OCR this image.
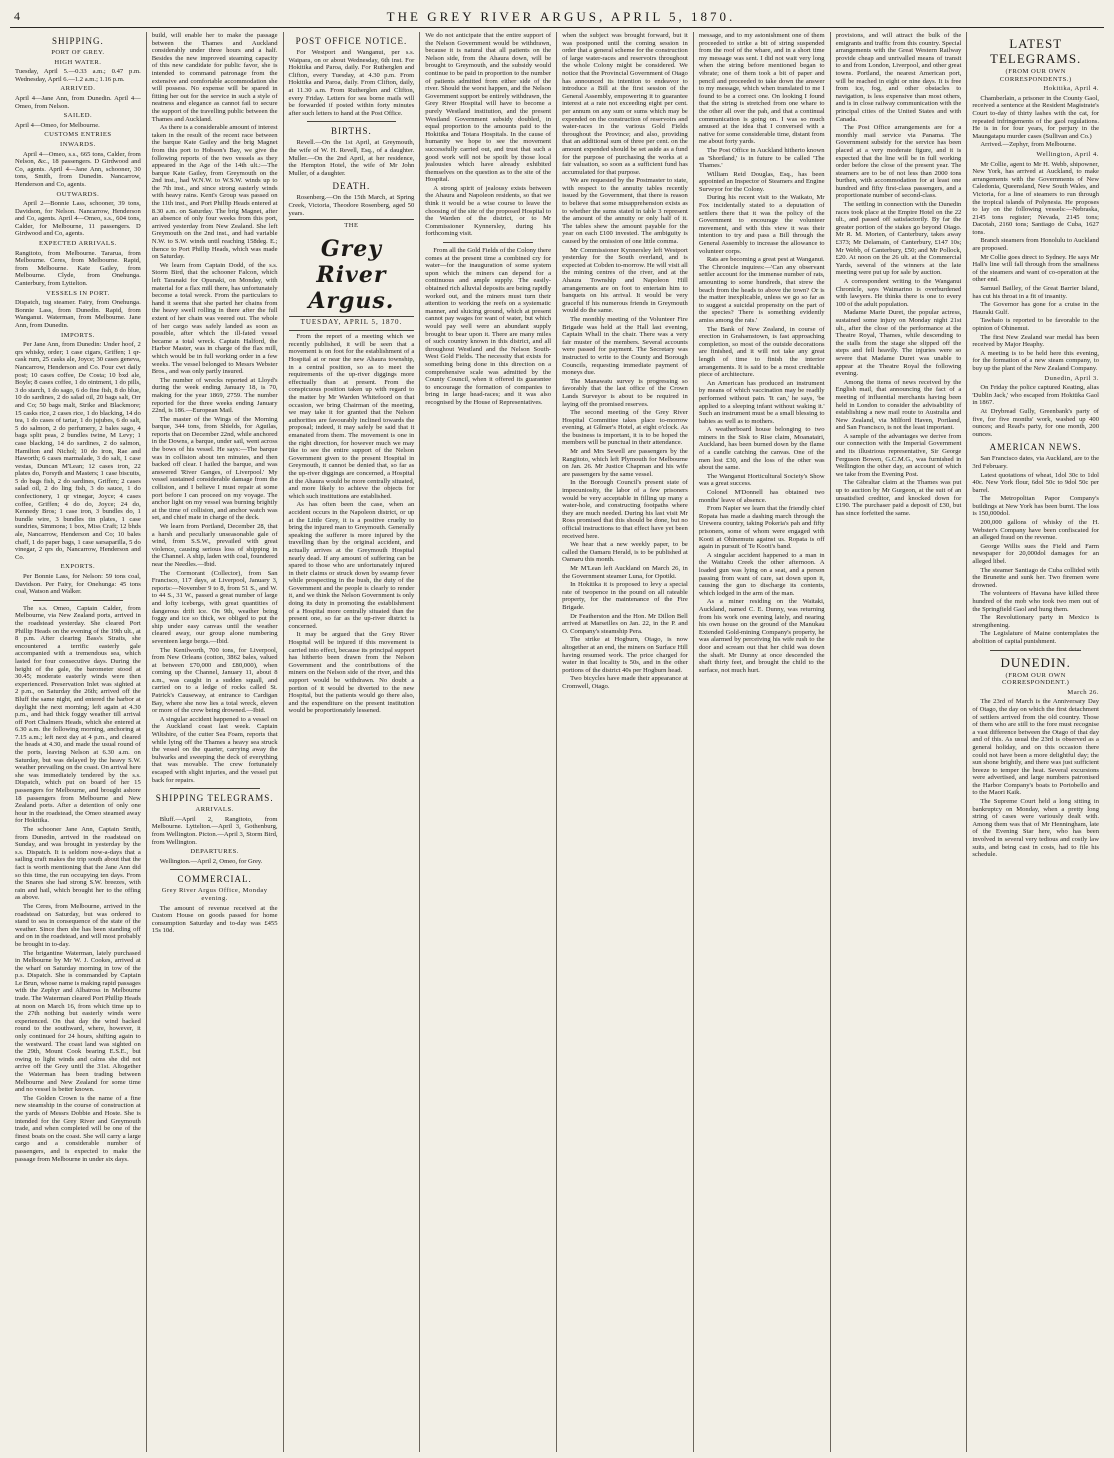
4	THE GREY RIVER ARGUS, APRIL 5, 1870.
SHIPPING.
PORT OF GREY.
HIGH WATER.

Tuesday, April 5.—0.33 a.m.; 0.47 p.m. Wednesday, April 6.—1.2 a.m.; 1.16 p.m.

ARRIVED.

April 4—Jane Ann, from Dunedin. April 4—Omeo, from Nelson.

SAILED.

April 4—Omeo, for Melbourne.

CUSTOMS ENTRIES
INWARDS.

April 4—Omeo, s.s., 665 tons, Calder, from Nelson, &c., 18 passengers. D Girdwood and Co, agents. April 4—Jane Ann, schooner, 30 tons, Smith, from Dunedin. Nancarrow, Henderson and Co, agents.

OUTWARDS.

April 2—Bonnie Lass, schooner, 39 tons, Davidson, for Nelson. Nancarrow, Henderson and Co, agents. April 4—Omeo, s.s., 604 tons, Calder, for Melbourne, 11 passengers. D Girdwood and Co, agents.

EXPECTED ARRIVALS.

Rangitoto, from Melbourne. Tararua, from Melbourne. Ceres, from Melbourne. Rapid, from Melbourne. Kate Gailey, from Melbourne. Clyde, from Onehunga. Canterbury, from Lyttelton.

VESSELS IN PORT.

Dispatch, tug steamer. Fairy, from Onehunga. Bonnie Lass, from Dunedin. Rapid, from Wanganui. Waterman, from Melbourne. Jane Ann, from Dunedin.

IMPORTS.

Per Jane Ann, from Dunedin: Under hoof, 2 qrs whisky, order; 1 case cigars, Griffen; 1 qr-cask rum, 25 casks ale, Joyce; 30 cases geneva, Nancarrow, Henderson and Co. Four cwt daily post; 10 cases coffee, De Costa; 10 bxd ale, Boyle; 8 cases coffee, 1 do ointment, 1 do pills, 3 do starch, 1 do sago, 6 do fine fish, 8 do blue, 10 do sardines, 2 do salad oil, 20 bags salt, Orr and Co; 50 bags malt, Strike and Blackmore; 15 casks rice, 2 cases rice, 1 do blacking, 14 do tea, 1 do cases of tartar, 1 do jujubes, 6 do salt, 5 do salmon, 2 do perfumery, 2 bales sago, 4 bags split peas, 2 bundles twine, M Levy; 1 case blacking, 14 do sardines, 2 do salmon, Hamilton and Nichol; 10 do iron, Rae and Haworth; 6 cases marmalade, 3 do salt, 1 case vestas, Duncan M'Lean; 12 cases iron, 22 plates do, Forsyth and Masters; 1 case biscuits, 5 do bags fish, 2 do sardines, Griffen; 2 cases salad oil, 2 do ling fish, 3 do sauce, 1 do confectionery, 1 qr vinegar, Joyce; 4 cases coffee, Griffen; 4 do do, Joyce; 24 do, Kennedy Bros; 1 case iron, 3 bundles do, 1 bundle wire, 3 bundles tin plates, 1 case sundries, Simmons; 1 box, Miss Craft; 12 bhds ale, Nancarrow, Henderson and Co; 10 bales chaff, 1 do paper bags, 1 case sarsaparilla, 5 do vinegar, 2 qrs do, Nancarrow, Henderson and Co.

EXPORTS.

Per Bonnie Lass, for Nelson: 59 tons coal, Davidson. Per Fairy, for Onehunga: 45 tons coal, Watson and Walker.

The s.s. Omeo, Captain Calder, from Melbourne, via New Zealand ports, arrived in the roadstead yesterday. She cleared Port Phillip Heads on the evening of the 19th ult., at 8 p.m. After clearing Bass's Straits, she encountered a terrific easterly gale accompanied with a tremendous sea, which lasted for four consecutive days. During the height of the gale, the barometer stood at 30.45; moderate easterly winds were then experienced. Preservation Inlet was sighted at 2 p.m., on Saturday the 26th; arrived off the Bluff the same night, and entered the harbor at daylight the next morning; left again at 4.30 p.m., and had thick foggy weather till arrival off Port Chalmers Heads, which she entered at 6.30 a.m. the following morning, anchoring at 7.15 a.m.; left next day at 4 p.m., and cleared the heads at 4.30, and made the usual round of the ports, leaving Nelson at 6.30 a.m. on Saturday, but was delayed by the heavy S.W. weather prevailing on the coast. On arrival here she was immediately tendered by the s.s. Dispatch, which put on board of her 15 passengers for Melbourne, and brought ashore 18 passengers from Melbourne and New Zealand ports. After a detention of only one hour in the roadstead, the Omeo steamed away for Hokitika.

The schooner Jane Ann, Captain Smith, from Dunedin, arrived in the roadstead on Sunday, and was brought in yesterday by the s.s. Dispatch. It is seldom now-a-days that a sailing craft makes the trip south about that the fact is worth mentioning that the Jane Ann did so this time, the run occupying ten days. From the Snares she had strong S.W. breezes, with rain and hail, which brought her to the offing as above.

The Ceres, from Melbourne, arrived in the roadstead on Saturday, but was ordered to stand to sea in consequence of the state of the weather. Since then she has been standing off and on in the roadstead, and will most probably be brought in to-day.

The brigantine Waterman, lately purchased in Melbourne by Mr W. J. Cookes, arrived at the wharf on Saturday morning in tow of the p.s. Dispatch. She is commanded by Captain Le Brun, whose name is making rapid passages with the Zephyr and Albatross in Melbourne trade. The Waterman cleared Port Phillip Heads at noon on March 16, from which time up to the 27th nothing but easterly winds were experienced. On that day the wind backed round to the southward, where, however, it only continued for 24 hours, shifting again to the westward. The coast land was sighted on the 29th, Mount Cook bearing E.S.E., but owing to light winds and calms she did not arrive off the Grey until the 31st. Altogether the Waterman has been trading between Melbourne and New Zealand for some time and no vessel is better known.

The Golden Crown is the name of a fine new steamship in the course of construction at the yards of Messrs Dobbie and Hoste. She is intended for the Grey River and Greymouth trade, and when completed will be one of the finest boats on the coast. She will carry a large cargo and a considerable number of passengers, and is expected to make the passage from Melbourne in under six days.

build, will enable her to make the passage between the Thames and Auckland considerably under three hours and a half. Besides the new improved steaming capacity of this new candidate for public favor, she is intended to command patronage from the extensive and comfortable accommodation she will possess. No expense will be spared in fitting her out for the service in such a style of neatness and elegance as cannot fail to secure the support of the travelling public between the Thames and Auckland.

As there is a considerable amount of interest taken in the result of the recent race between the barque Kate Gailey and the brig Magnet from this port to Hobson's Bay, we give the following reports of the two vessels as they appeared in the Age of the 14th ult.:—The barque Kate Gailey, from Greymouth on the 2nd inst., had W.N.W. to W.S.W. winds up to the 7th inst., and since strong easterly winds with heavy rains. Kent's Group was passed on the 11th inst., and Port Phillip Heads entered at 8.30 a.m. on Saturday. The brig Magnet, after an absence of only four weeks from this port, arrived yesterday from New Zealand. She left Greymouth on the 2nd inst., and had variable N.W. to S.W. winds until reaching 158deg. E.; thence to Port Phillip Heads, which was made on Saturday.

We learn from Captain Dodd, of the s.s. Storm Bird, that the schooner Falcon, which left Taranaki for Opunaki, on Monday, with material for a flax mill there, has unfortunately become a total wreck. From the particulars to hand it seems that she parted her chains from the heavy swell rolling in there after the full extent of her chain was veered out. The whole of her cargo was safely landed as soon as possible, after which the ill-fated vessel became a total wreck. Captain Halford, the Harbor Master, was in charge of the flax mill, which would be in full working order in a few weeks. The vessel belonged to Messrs Webster Bros., and was only partly insured.

The number of wrecks reported at Lloyd's during the week ending January 18, is 70, making for the year 1869, 2759. The number reported for the three weeks ending January 22nd, is 186.—European Mail.

The master of the Wings of the Morning barque, 344 tons, from Shields, for Aguilas, reports that on December 22nd, while anchored in the Downs, a barque, under sail, went across the bows of his vessel. He says:—The barque was in collision about ten minutes, and then backed off clear. I hailed the barque, and was answered 'River Ganges, of Liverpool.' My vessel sustained considerable damage from the collision, and I believe I must repair at some port before I can proceed on my voyage. The anchor light on my vessel was burning brightly at the time of collision, and anchor watch was set, and chief mate in charge of the deck.

We learn from Portland, December 28, that a harsh and peculiarly unseasonable gale of wind, from S.S.W., prevailed with great violence, causing serious loss of shipping in the Channel. A ship, laden with coal, foundered near the Needles.—Ibid.

The Cormorant (Collector), from San Francisco, 117 days, at Liverpool, January 3, reports:—November 9 to 8, from 51 S., and W. to 44 S., 31 W., passed a great number of large and lofty icebergs, with great quantities of dangerous drift ice. On 9th, weather being foggy and ice so thick, we obliged to put the ship under easy canvas until the weather cleared away, our group alone numbering seventeen large bergs.—Ibid.

The Kenilworth, 700 tons, for Liverpool, from New Orleans (cotton, 3862 bales, valued at between £70,000 and £80,000), when coming up the Channel, January 11, about 8 a.m., was caught in a sudden squall, and carried on to a ledge of rocks called St. Patrick's Causeway, at entrance to Cardigan Bay, where she now lies a total wreck, eleven or more of the crew being drowned.—Ibid.

A singular accident happened to a vessel on the Auckland coast last week. Captain Wiltshire, of the cutter Sea Foam, reports that while lying off the Thames a heavy sea struck the vessel on the quarter, carrying away the bulwarks and sweeping the deck of everything that was movable. The crew fortunately escaped with slight injuries, and the vessel put back for repairs.

SHIPPING TELEGRAMS.
ARRIVALS.

Bluff.—April 2, Rangitoto, from Melbourne. Lyttelton.—April 3, Gothenburg, from Wellington. Picton.—April 3, Storm Bird, from Wellington.

DEPARTURES.

Wellington.—April 2, Omeo, for Grey.

COMMERCIAL.
Grey River Argus Office, Monday evening.

The amount of revenue received at the Custom House on goods passed for home consumption Saturday and to-day was £455 15s 10d.

POST OFFICE NOTICE.

For Westport and Wanganui, per s.s. Waipara, on or about Wednesday, 6th inst. For Hokitika and Paroa, daily. For Rutherglen and Clifton, every Tuesday, at 4.30 p.m. From Hokitika and Paroa, daily. From Clifton, daily, at 11.30 a.m. From Rutherglen and Clifton, every Friday. Letters for sea borne mails will be forwarded if posted within forty minutes after such letters to hand at the Post Office.

BIRTHS.

Revell.—On the 1st April, at Greymouth, the wife of W. H. Revell, Esq., of a daughter. Muller.—On the 2nd April, at her residence, the Hempton Hotel, the wife of Mr John Muller, of a daughter.

DEATH.

Rosenberg.—On the 15th March, at Spring Creek, Victoria, Theodore Rosenberg, aged 50 years.

THE
Grey River Argus.
TUESDAY, APRIL 5, 1870.

From the report of a meeting which we recently published, it will be seen that a movement is on foot for the establishment of a Hospital at or near the new Ahaura township, in a central position, so as to meet the requirements of the up-river diggings more effectually than at present. From the conspicuous position taken up with regard to the matter by Mr Warden Whitefoord on that occasion, we bring Chairman of the meeting, we may take it for granted that the Nelson authorities are favourably inclined towards the proposal; indeed, it may safely be said that it emanated from them. The movement is one in the right direction, for however much we may like to see the entire support of the Nelson Government given to the present Hospital in Greymouth, it cannot be denied that, so far as the up-river diggings are concerned, a Hospital at the Ahaura would be more centrally situated, and more likely to achieve the objects for which such institutions are established.

As has often been the case, when an accident occurs in the Napoleon district, or up at the Little Grey, it is a positive cruelty to bring the injured man to Greymouth. Generally speaking the sufferer is more injured by the travelling than by the original accident, and actually arrives at the Greymouth Hospital nearly dead. If any amount of suffering can be spared to those who are unfortunately injured in their claims or struck down by swamp fever while prospecting in the bush, the duty of the Government and the people is clearly to render it, and we think the Nelson Government is only doing its duty in promoting the establishment of a Hospital more centrally situated than the present one, so far as the up-river district is concerned.

It may be argued that the Grey River Hospital will be injured if this movement is carried into effect, because its principal support has hitherto been drawn from the Nelson Government and the contributions of the miners on the Nelson side of the river, and this support would be withdrawn. No doubt a portion of it would be diverted to the new Hospital, but the patients would go there also, and the expenditure on the present institution would be proportionately lessened.

We do not anticipate that the entire support of the Nelson Government would be withdrawn, because it is natural that all patients on the Nelson side, from the Ahaura down, will be brought to Greymouth, and the subsidy would continue to be paid in proportion to the number of patients admitted from either side of the river. Should the worst happen, and the Nelson Government support be entirely withdrawn, the Grey River Hospital will have to become a purely Westland institution, and the present Westland Government subsidy doubled, in equal proportion to the amounts paid to the Hokitika and Totara Hospitals. In the cause of humanity we hope to see the movement successfully carried out, and trust that such a good work will not be spoilt by those local jealousies which have already exhibited themselves on the question as to the site of the Hospital.

A strong spirit of jealousy exists between the Ahaura and Napoleon residents, so that we think it would be a wise course to leave the choosing of the site of the proposed Hospital to the Warden of the district, or to Mr Commissioner Kynnersley, during his forthcoming visit.

From all the Gold Fields of the Colony there comes at the present time a combined cry for water—for the inauguration of some system upon which the miners can depend for a continuous and ample supply. The easily-obtained rich alluvial deposits are being rapidly worked out, and the miners must turn their attention to working the reefs on a systematic manner, and sluicing ground, which at present cannot pay wages for want of water, but which would pay well were an abundant supply brought to bear upon it. There are many miles of such country known in this district, and all throughout Westland and the Nelson South-West Gold Fields. The necessity that exists for something being done in this direction on a comprehensive scale was admitted by the County Council, when it offered its guarantee to encourage the formation of companies to bring in large head-races; and it was also recognised by the House of Representatives.

when the subject was brought forward, but it was postponed until the coming session in order that a general scheme for the construction of large water-races and reservoirs throughout the whole Colony might be considered. We notice that the Provincial Government of Otago has announced its intention to endeavor to introduce a Bill at the first session of the General Assembly, empowering it to guarantee interest at a rate not exceeding eight per cent. per annum on any sum or sums which may be expended on the construction of reservoirs and water-races in the various Gold Fields throughout the Province; and also, providing that an additional sum of three per cent. on the amount expended should be set aside as a fund for the purpose of purchasing the works at a fair valuation, so soon as a sufficient fund has accumulated for that purpose.

We are requested by the Postmaster to state, with respect to the annuity tables recently issued by the Government, that there is reason to believe that some misapprehension exists as to whether the sums stated in table 3 represent the amount of the annuity or only half of it. The tables shew the amount payable for the year on each £100 invested. The ambiguity is caused by the omission of one little comma.

Mr Commissioner Kynnersley left Westport yesterday for the South overland, and is expected at Cobden to-morrow. He will visit all the mining centres of the river, and at the Ahaura Township and Napoleon Hill arrangements are on foot to entertain him to banquets on his arrival. It would be very graceful if his numerous friends in Greymouth would do the same.

The monthly meeting of the Volunteer Fire Brigade was held at the Hall last evening, Captain Whall in the chair. There was a very fair muster of the members. Several accounts were passed for payment. The Secretary was instructed to write to the County and Borough Councils, requesting immediate payment of moneys due.

The Manawatu survey is progressing so favorably that the last office of the Crown Lands Surveyor is about to be required in laying off the promised reserves.

The second meeting of the Grey River Hospital Committee takes place to-morrow evening, at Gilmer's Hotel, at eight o'clock. As the business is important, it is to be hoped the members will be punctual in their attendance.

Mr and Mrs Sewell are passengers by the Rangitoto, which left Plymouth for Melbourne on Jan. 26. Mr Justice Chapman and his wife are passengers by the same vessel.

In the Borough Council's present state of impecuniosity, the labor of a few prisoners would be very acceptable in filling up many a water-hole, and constructing footpaths where they are much needed. During his last visit Mr Ross promised that this should be done, but no official instructions to that effect have yet been received here.

We hear that a new weekly paper, to be called the Oamaru Herald, is to be published at Oamaru this month.

Mr M'Lean left Auckland on March 26, in the Government steamer Luna, for Opotiki.

In Hokitika it is proposed to levy a special rate of twopence in the pound on all rateable property, for the maintenance of the Fire Brigade.

Dr Featherston and the Hon. Mr Dillon Bell arrived at Marseilles on Jan. 22, in the P. and O. Company's steamship Pera.

The strike at Hogburn, Otago, is now altogether at an end, the miners on Surface Hill having resumed work. The price charged for water in that locality is 50s, and in the other portions of the district 40s per Hogburn head.

Two bicycles have made their appearance at Cromwell, Otago.

message, and to my astonishment one of them proceeded to strike a bit of string suspended from the roof of the whare, and in a short time my message was sent. I did not wait very long when the string before mentioned began to vibrate; one of them took a bit of paper and pencil and proceeded to take down the answer to my message, which when translated to me I found to be a correct one. On looking I found that the string is stretched from one whare to the other all over the pah, and that a continual communication is going on. I was so much amused at the idea that I conversed with a native for some considerable time, distant from me about forty yards.

The Post Office in Auckland hitherto known as 'Shortland,' is in future to be called 'The Thames.'

William Reid Douglas, Esq., has been appointed an Inspector of Steamers and Engine Surveyor for the Colony.

During his recent visit to the Waikato, Mr Fox incidentally stated to a deputation of settlers there that it was the policy of the Government to encourage the volunteer movement, and with this view it was their intention to try and pass a Bill through the General Assembly to increase the allowance to volunteer corps.

Rats are becoming a great pest at Wanganui. The Chronicle inquires:—'Can any observant settler account for the immense number of rats, amounting to some hundreds, that strew the beach from the heads to above the town? Or is the matter inexplicable, unless we go so far as to suggest a suicidal propensity on the part of the species? There is something evidently amiss among the rats.'

The Bank of New Zealand, in course of erection in Grahamstown, is fast approaching completion, so most of the outside decorations are finished, and it will not take any great length of time to finish the interior arrangements. It is said to be a most creditable piece of architecture.

An American has produced an instrument by means of which vaccination may be readily performed without pain. 'It can,' he says, 'be applied to a sleeping infant without waking it.' Such an instrument must be a small blessing to babies as well as to mothers.

A weatherboard house belonging to two miners in the Sisk to Rise claim, Moanatairi, Auckland, has been burned down by the flame of a candle catching the canvas. One of the men lost £30, and the loss of the other was about the same.

The Wanganui Horticultural Society's Show was a great success.

Colonel M'Donnell has obtained two months' leave of absence.

From Napier we learn that the friendly chief Ropata has made a dashing march through the Urewera country, taking Pokeria's pah and fifty prisoners, some of whom were engaged with Kooti at Ohinemutu against us. Ropata is off again in pursuit of Te Kooti's band.

A singular accident happened to a man in the Waitahu Creek the other afternoon. A loaded gun was lying on a seat, and a person passing from want of care, sat down upon it, causing the gun to discharge its contents, which lodged in the arm of the man.

As a miner residing on the Waitaki, Auckland, named C. E. Dunny, was returning from his work one evening lately, and nearing his own house on the ground of the Manukau Extended Gold-mining Company's property, he was alarmed by perceiving his wife rush to the door and scream out that her child was down the shaft. Mr Dunny at once descended the shaft thirty feet, and brought the child to the surface, not much hurt.

provisions, and will attract the bulk of the emigrants and traffic from this country. Special arrangements with the Great Western Railway provide cheap and unrivalled means of transit to and from London, Liverpool, and other great towns. Portland, the nearest American port, will be reached in eight or nine days. It is free from ice, fog, and other obstacles to navigation, is less expensive than most others, and is in close railway communication with the principal cities of the United States and with Canada.

The Post Office arrangements are for a monthly mail service via Panama. The Government subsidy for the service has been placed at a very moderate figure, and it is expected that the line will be in full working order before the close of the present year. The steamers are to be of not less than 2000 tons burthen, with accommodation for at least one hundred and fifty first-class passengers, and a proportionate number of second-class.

The settling in connection with the Dunedin races took place at the Empire Hotel on the 22 ult., and passed off satisfactorily. By far the greater portion of the stakes go beyond Otago. Mr R. M. Morten, of Canterbury, takes away £373; Mr Delamain, of Canterbury, £147 10s; Mr Webb, of Canterbury, £50; and Mr Pollock, £20. At noon on the 26 ult. at the Commercial Yards, several of the winners at the late meeting were put up for sale by auction.

A correspondent writing to the Wanganui Chronicle, says Waimarino is overburdened with lawyers. He thinks there is one to every 100 of the adult population.

Madame Marie Duret, the popular actress, sustained some injury on Monday night 21st ult., after the close of the performance at the Theatre Royal, Thames, while descending to the stalls from the stage she slipped off the steps and fell heavily. The injuries were so severe that Madame Duret was unable to appear at the Theatre Royal the following evening.

Among the items of news received by the English mail, that announcing the fact of a meeting of influential merchants having been held in London to consider the advisability of establishing a new mail route to Australia and New Zealand, via Milford Haven, Portland, and San Francisco, is not the least important.

A sample of the advantages we derive from our connection with the Imperial Government and its illustrious representative, Sir George Ferguson Bowen, G.C.M.G., was furnished in Wellington the other day, an account of which we take from the Evening Post.

The Gibraltar claim at the Thames was put up to auction by Mr Gurgeon, at the suit of an unsatisfied creditor, and knocked down for £190. The purchaser paid a deposit of £30, but has since forfeited the same.

LATEST TELEGRAMS.
(FROM OUR OWN CORRESPONDENTS.)
Hokitika, April 4.

Chamberlain, a prisoner in the County Gaol, received a sentence at the Resident Magistrate's Court to-day of thirty lashes with the cat, for repeated infringements of the gaol regulations. He is in for four years, for perjury in the Maungatapu murder cases (Sullivan and Co.)

Arrived.—Zephyr, from Melbourne.

Wellington, April 4.

Mr Collie, agent to Mr H. Webb, shipowner, New York, has arrived at Auckland, to make arrangements with the Governments of New Caledonia, Queensland, New South Wales, and Victoria, for a line of steamers to run through the tropical islands of Polynesia. He proposes to lay on the following vessels:—Nebraska, 2145 tons register; Nevada, 2145 tons; Dacotah, 2160 tons; Santiago de Cuba, 1627 tons.

Branch steamers from Honolulu to Auckland are proposed.

Mr Collie goes direct to Sydney. He says Mr Hall's line will fall through from the smallness of the steamers and want of co-operation at the other end.

Samuel Bailley, of the Great Barrier Island, has cut his throat in a fit of insanity.

The Governor has gone for a cruise in the Hauraki Gulf.

Tawhaio is reported to be favorable to the opinion of Ohinemui.

The first New Zealand war medal has been received by Major Heaphy.

A meeting is to be held here this evening, for the formation of a new steam company, to buy up the plant of the New Zealand Company.

Dunedin, April 3.

On Friday the police captured Keating, alias 'Dublin Jack,' who escaped from Hokitika Gaol in 1867.

At Drybread Gully, Greenbank's party of five, for five months' work, washed up 400 ounces; and Read's party, for one month, 200 ounces.

AMERICAN NEWS.

San Francisco dates, via Auckland, are to the 3rd February.

Latest quotations of wheat, 1dol 30c to 1dol 40c. New York flour, 6dol 50c to 9dol 50c per barrel.

The Metropolitan Papor Company's buildings at New York has been burnt. The loss is 150,000dol.

200,000 gallons of whisky of the H. Webster's Company have been confiscated for an alleged fraud on the revenue.

George Willis sues the Field and Farm newspaper for 20,000dol damages for an alleged libel.

The steamer Santiago de Cuba collided with the Brunette and sunk her. Two firemen were drowned.

The volunteers of Havana have killed three hundred of the mob who took two men out of the Springfield Gaol and hung them.

The Revolutionary party in Mexico is strengthening.

The Legislature of Maine contemplates the abolition of capital punishment.

DUNEDIN.
(FROM OUR OWN CORRESPONDENT.)
March 26.

The 23rd of March is the Anniversary Day of Otago, the day on which the first detachment of settlers arrived from the old country. Those of them who are still to the fore must recognise a vast difference between the Otago of that day and of this. As usual the 23rd is observed as a general holiday, and on this occasion there could not have been a more delightful day; the sun shone brightly, and there was just sufficient breeze to temper the heat. Several excursions were advertised, and large numbers patronised the Harbor Company's boats to Portobello and to the Maori Kaik.

The Supreme Court held a long sitting in bankruptcy on Monday, when a pretty long string of cases were variously dealt with. Among them was that of Mr Henningham, late of the Evening Star here, who has been involved in several very tedious and costly law suits, and being cast in costs, had to file his schedule.
